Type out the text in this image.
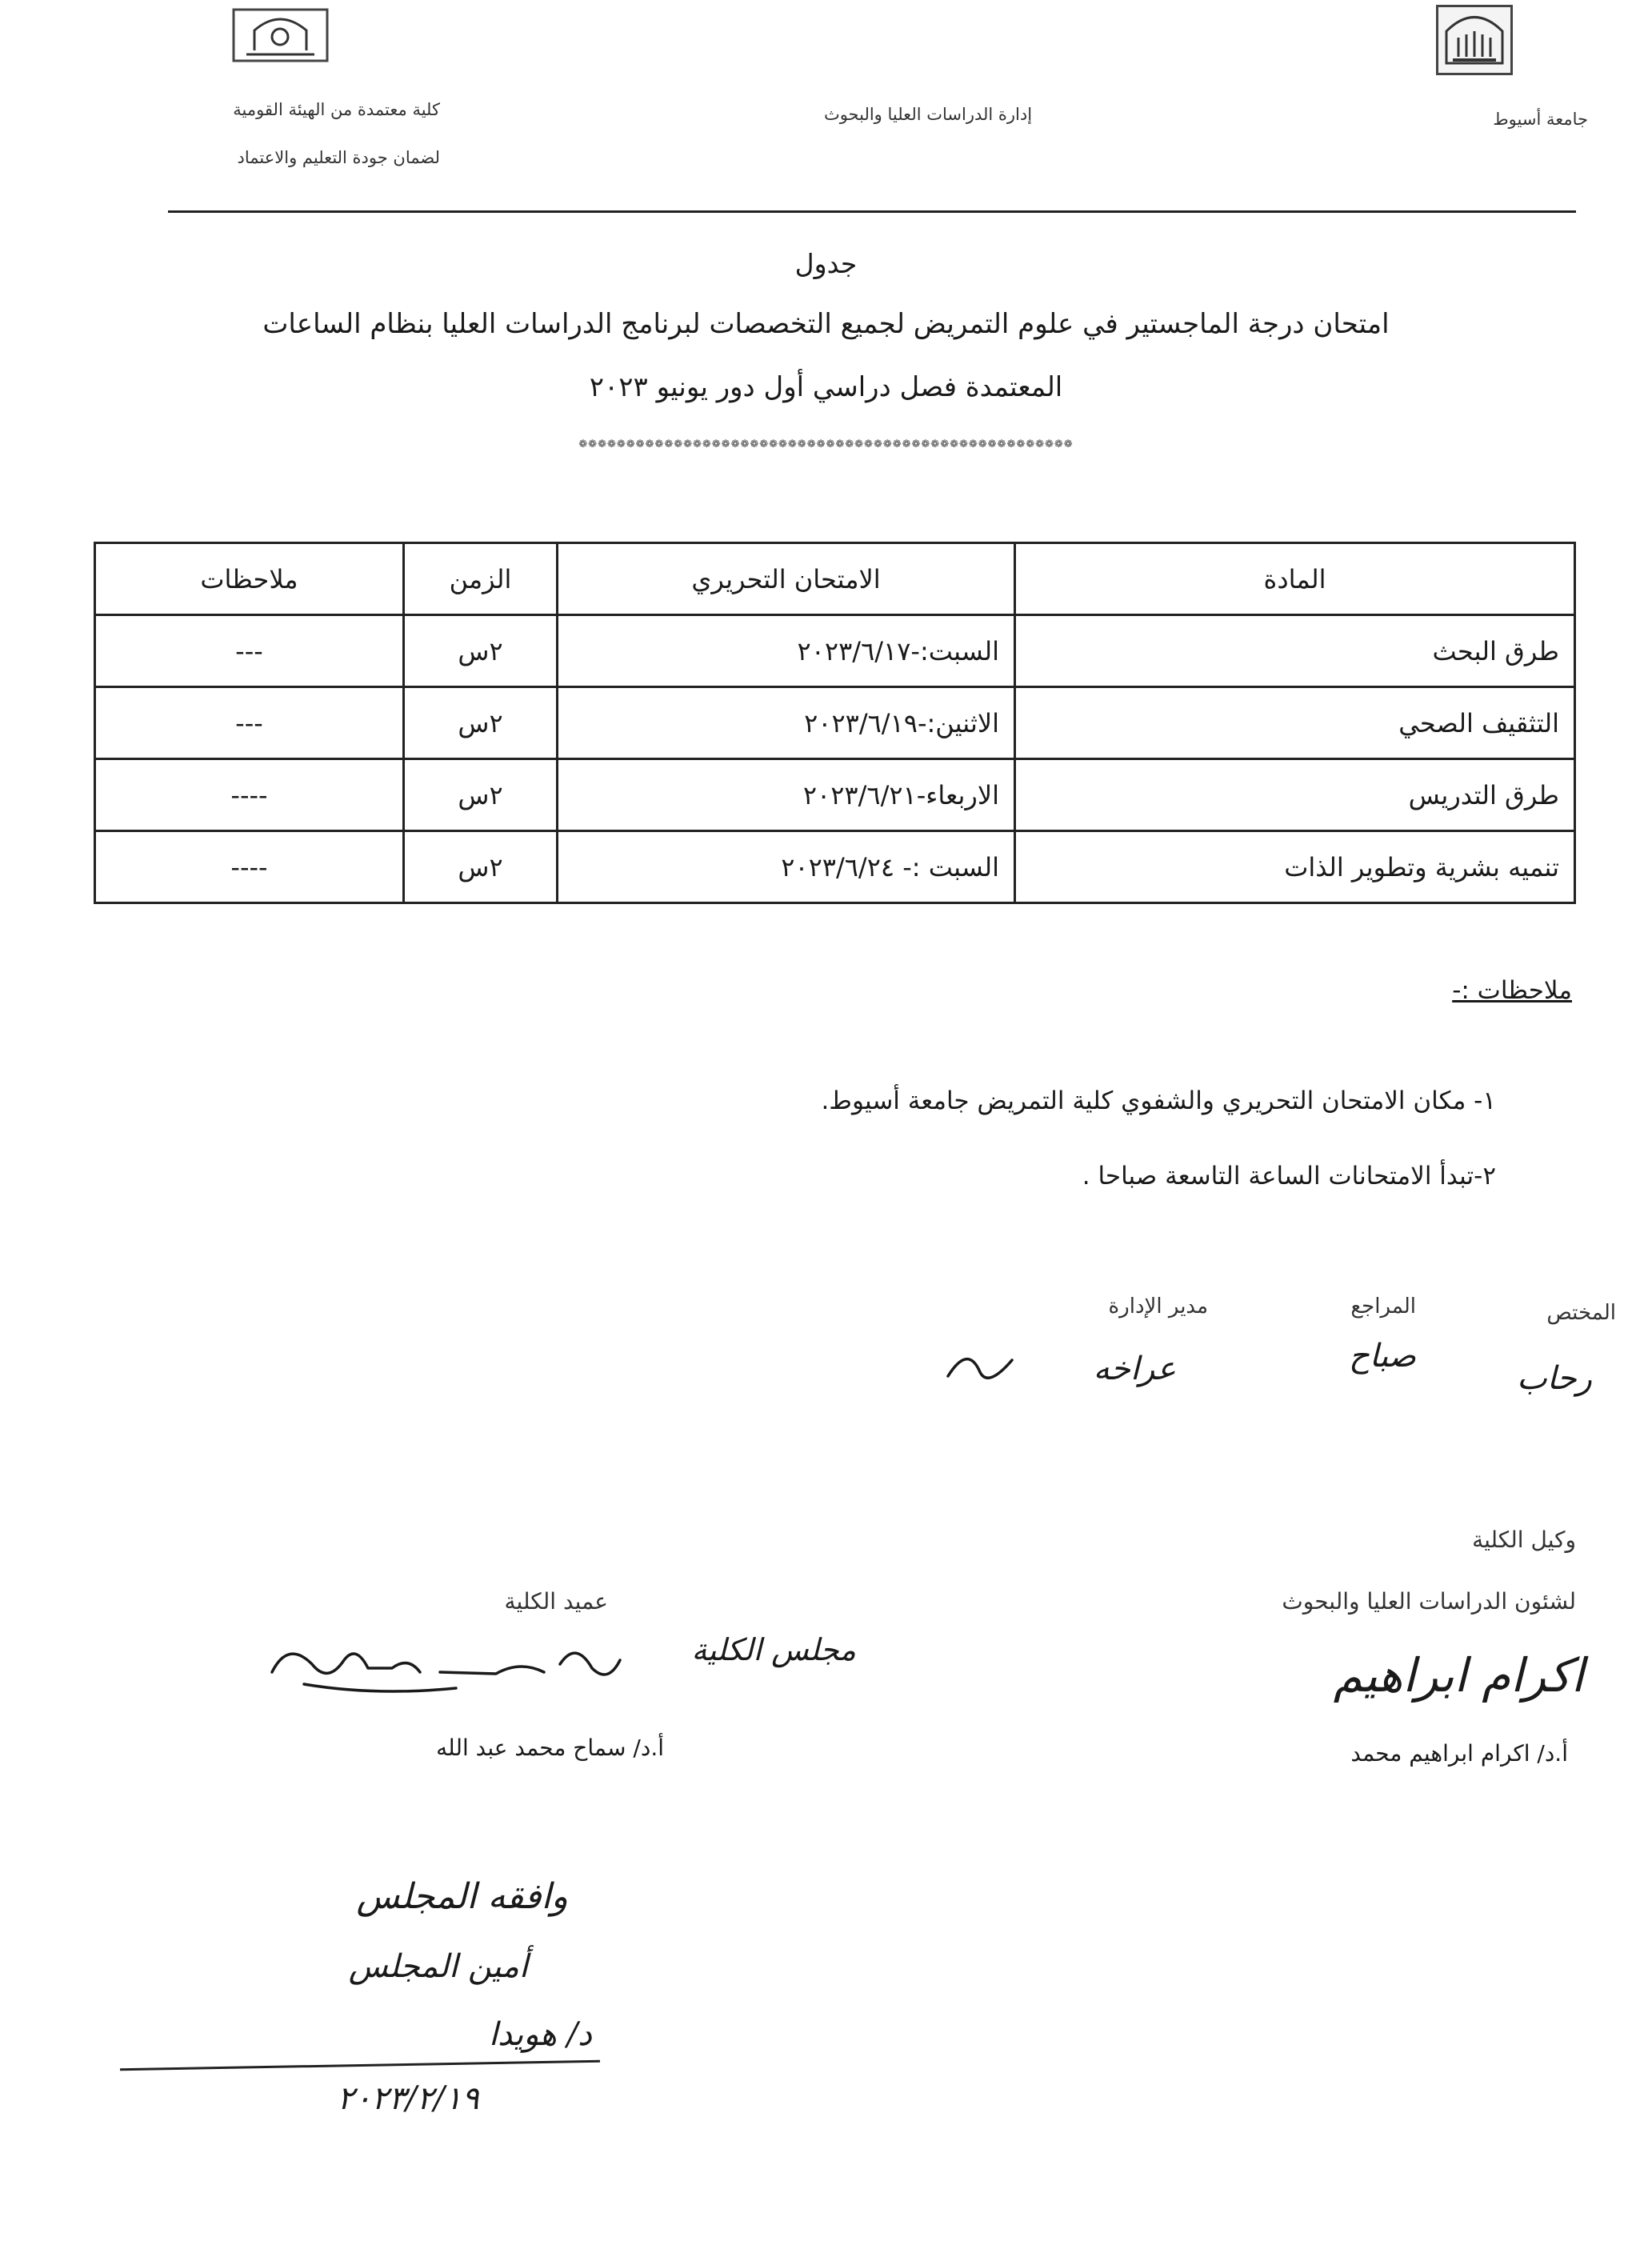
جامعة أسيوط
إدارة الدراسات العليا والبحوث
كلية معتمدة من الهيئة القومية
لضمان جودة التعليم والاعتماد
جدول
امتحان درجة الماجستير في علوم التمريض لجميع التخصصات لبرنامج الدراسات العليا بنظام الساعات
المعتمدة فصل دراسي أول دور يونيو ٢٠٢٣
❁❁❁❁❁❁❁❁❁❁❁❁❁❁❁❁❁❁❁❁❁❁❁❁❁❁❁❁❁❁❁❁❁❁❁❁❁❁❁❁❁❁❁❁❁❁❁❁❁❁❁❁
المادة	الامتحان التحريري	الزمن	ملاحظات
طرق البحث	السبت:-٢٠٢٣/٦/١٧	٢س	---
التثقيف الصحي	الاثنين:-٢٠٢٣/٦/١٩	٢س	---
طرق التدريس	الاربعاء-٢٠٢٣/٦/٢١	٢س	----
تنميه بشرية وتطوير الذات	السبت :- ٢٠٢٣/٦/٢٤	٢س	----
ملاحظات :-
١- مكان الامتحان التحريري والشفوي كلية التمريض جامعة أسيوط.
٢-تبدأ الامتحانات الساعة التاسعة صباحا .
المختص
المراجع
مدير الإدارة
رحاب
صباح
عراخه
وكيل الكلية
لشئون الدراسات العليا والبحوث
اكرام ابراهيم
أ.د/ اكرام ابراهيم محمد
عميد الكلية
مجلس الكلية
أ.د/ سماح محمد عبد الله
وافقه المجلس
أمين المجلس
د/ هويدا
٢٠٢٣/٢/١٩
